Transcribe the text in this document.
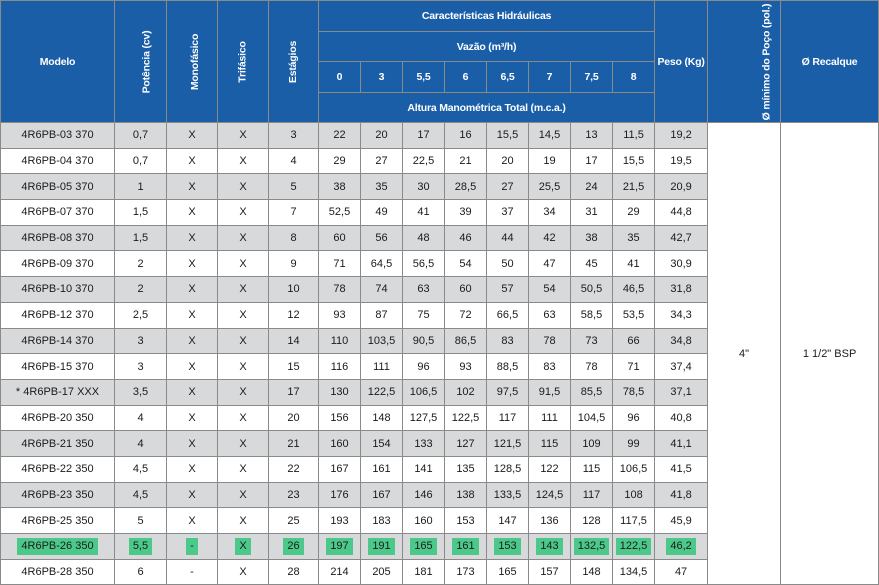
Modelo	Potência (cv)	Monofásico	Trifásico	Estágios	Características Hidráulicas								Peso (Kg)	Ø mínimo do Poço (pol.)	Ø Recalque
					Vazão (m³/h)										
					0	3	5,5	6	6,5	7	7,5	8			
					Altura Manométrica Total (m.c.a.)										
4R6PB-03 370	0,7	X	X	3	22	20	17	16	15,5	14,5	13	11,5	19,2	4"	1 1/2" BSP
4R6PB-04 370	0,7	X	X	4	29	27	22,5	21	20	19	17	15,5	19,5		
4R6PB-05 370	1	X	X	5	38	35	30	28,5	27	25,5	24	21,5	20,9		
4R6PB-07 370	1,5	X	X	7	52,5	49	41	39	37	34	31	29	44,8		
4R6PB-08 370	1,5	X	X	8	60	56	48	46	44	42	38	35	42,7		
4R6PB-09 370	2	X	X	9	71	64,5	56,5	54	50	47	45	41	30,9		
4R6PB-10 370	2	X	X	10	78	74	63	60	57	54	50,5	46,5	31,8		
4R6PB-12 370	2,5	X	X	12	93	87	75	72	66,5	63	58,5	53,5	34,3		
4R6PB-14 370	3	X	X	14	110	103,5	90,5	86,5	83	78	73	66	34,8		
4R6PB-15 370	3	X	X	15	116	111	96	93	88,5	83	78	71	37,4		
* 4R6PB-17 XXX	3,5	X	X	17	130	122,5	106,5	102	97,5	91,5	85,5	78,5	37,1		
4R6PB-20 350	4	X	X	20	156	148	127,5	122,5	117	111	104,5	96	40,8		
4R6PB-21 350	4	X	X	21	160	154	133	127	121,5	115	109	99	41,1		
4R6PB-22 350	4,5	X	X	22	167	161	141	135	128,5	122	115	106,5	41,5		
4R6PB-23 350	4,5	X	X	23	176	167	146	138	133,5	124,5	117	108	41,8		
4R6PB-25 350	5	X	X	25	193	183	160	153	147	136	128	117,5	45,9		
4R6PB-26 350	5,5	-	X	26	197	191	165	161	153	143	132,5	122,5	46,2		
4R6PB-28 350	6	-	X	28	214	205	181	173	165	157	148	134,5	47		
